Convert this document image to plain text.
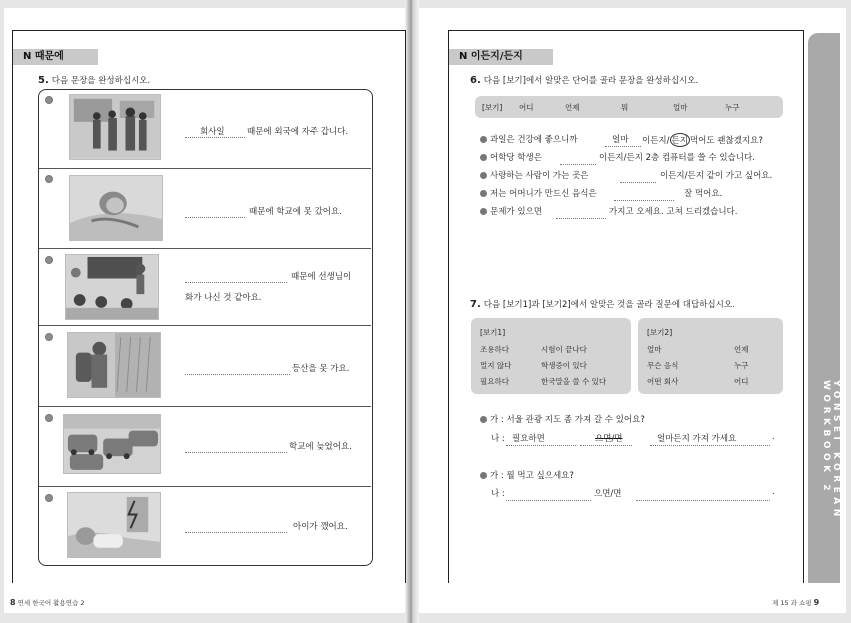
N 때문에
5. 다음 문장을 완성하십시오.
회사일	때문에 외국에 자주 갑니다.
때문에 학교에 못 갔어요.
때문에 선생님이
화가 나신 것 같아요.
등산을 못 가요.
학교에 늦었어요.
아이가 깼어요.
8 연세 한국어 활용연습 2
N 이든지/든지
6. 다음 [보기]에서 알맞은 단어를 골라 문장을 완성하십시오.
[보기] 어디	언제	뭐	얼마	누구
과일은 건강에 좋으니까	얼마 이든지/ 든지 먹어도 괜찮겠지요?
어학당 학생은	이든지/든지 2층 컴퓨터를 쓸 수 있습니다.
사랑하는 사람이 가는 곳은	이든지/든지 같이 가고 싶어요.
저는 어머니가 만드신 음식은	잘 먹어요.
문제가 있으면	가지고 오세요. 고쳐 드리겠습니다.
7. 다음 [보기1]과 [보기2]에서 알맞은 것을 골라 질문에 대답하십시오.
[보기1]
조용하다	시험이 끝나다
멀지 않다	학생증이 있다
필요하다	한국말을 쓸 수 있다
[보기2]
얼마	언제
무슨 음식	누구
어떤 회사	어디
가 : 서울 관광 지도 좀 가져 갈 수 있어요?
나 : 필요하면	으면/면	얼마든지 가져 가세요	.
가 : 뭘 먹고 싶으세요?
나 :	으면/면	.	YONSEI KOREAN WORKBOOK 2
제 15 과 쇼핑 9
